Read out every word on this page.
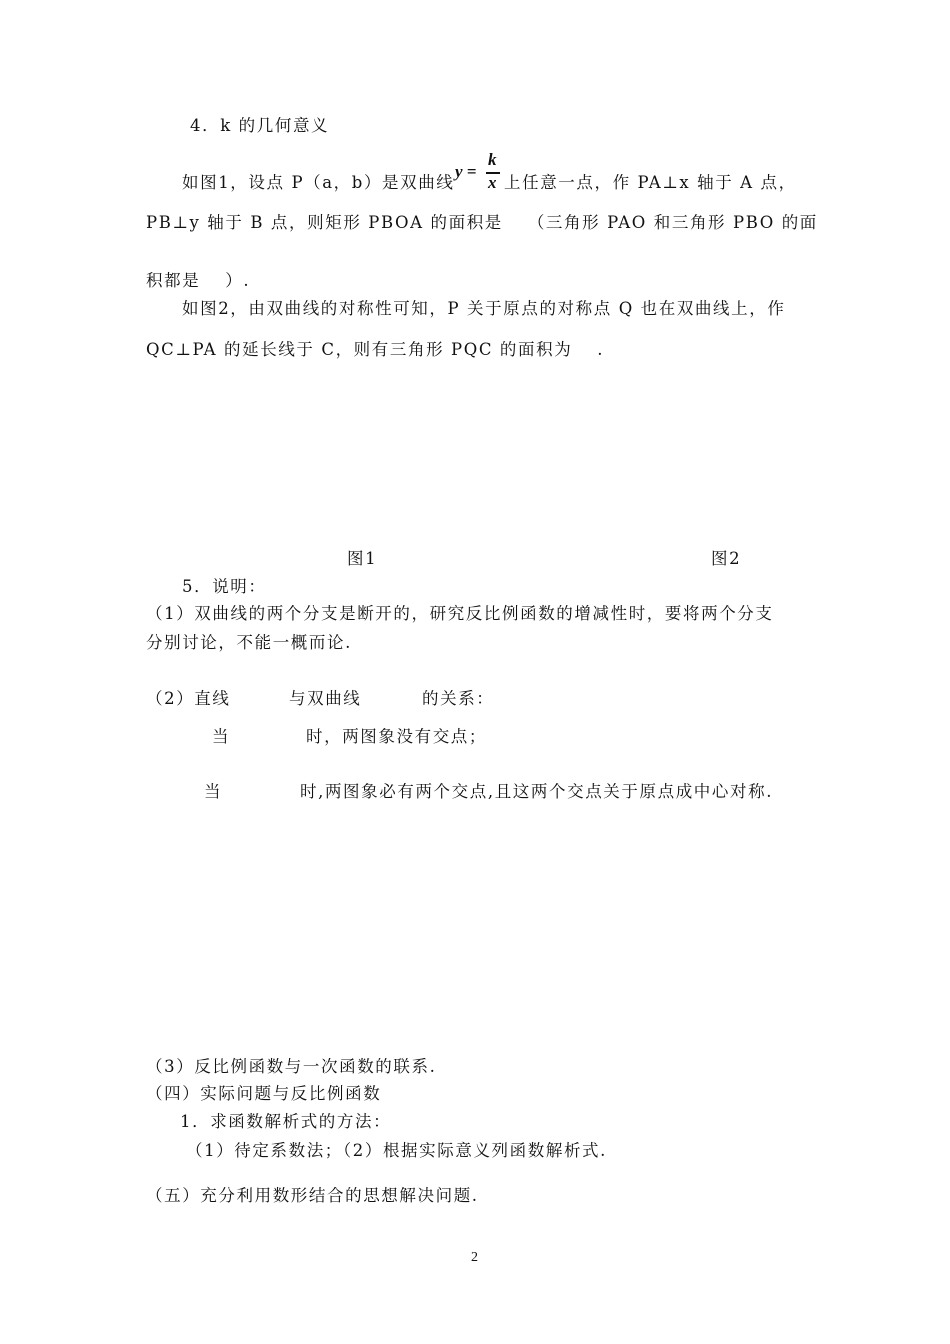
4．k 的几何意义
如图1，设点 P（a，b）是双曲线
y =
k
x 上任意一点，作 PA⊥x 轴于 A 点，
PB⊥y 轴于 B 点，则矩形 PBOA 的面积是　 （三角形 PAO 和三角形 PBO 的面
积都是　 ）.
如图2，由双曲线的对称性可知，P 关于原点的对称点 Q 也在双曲线上，作
QC⊥PA 的延长线于 C，则有三角形 PQC 的面积为　 .
图1	图2
5．说明：
（1）双曲线的两个分支是断开的，研究反比例函数的增减性时，要将两个分支
分别讨论，不能一概而论.
（2）直线	与双曲线	的关系：
当	时，两图象没有交点；
当	时,两图象必有两个交点,且这两个交点关于原点成中心对称.
（3）反比例函数与一次函数的联系.
（四）实际问题与反比例函数
1．求函数解析式的方法：
（1）待定系数法；（2）根据实际意义列函数解析式.
（五）充分利用数形结合的思想解决问题.
2
